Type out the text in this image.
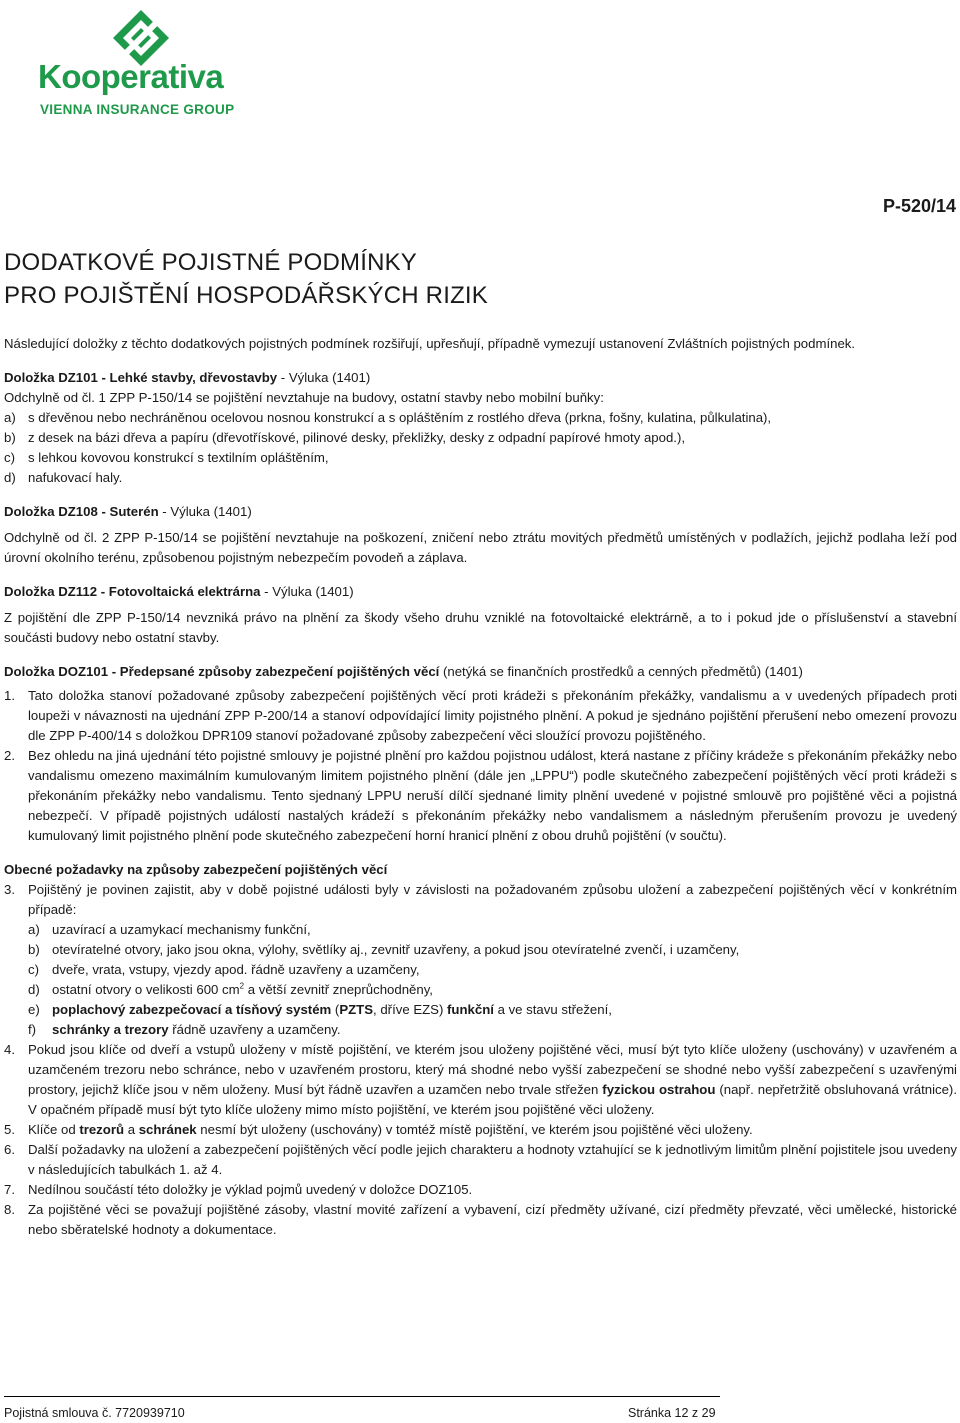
Kooperativa
VIENNA INSURANCE GROUP
P-520/14
DODATKOVÉ POJISTNÉ PODMÍNKY
PRO POJIŠTĚNÍ HOSPODÁŘSKÝCH RIZIK

Následující doložky z těchto dodatkových pojistných podmínek rozšiřují, upřesňují, případně vymezují ustanovení Zvláštních pojistných podmínek.

Doložka DZ101 - Lehké stavby, dřevostavby - Výluka (1401)

Odchylně od čl. 1 ZPP P-150/14 se pojištění nevztahuje na budovy, ostatní stavby nebo mobilní buňky:

a) s dřevěnou nebo nechráněnou ocelovou nosnou konstrukcí a s opláštěním z rostlého dřeva (prkna, fošny, kulatina, půlkulatina),
b) z desek na bázi dřeva a papíru (dřevotřískové, pilinové desky, překližky, desky z odpadní papírové hmoty apod.),
c) s lehkou kovovou konstrukcí s textilním opláštěním,
d) nafukovací haly.

Doložka DZ108 - Suterén - Výluka (1401)

Odchylně od čl. 2 ZPP P-150/14 se pojištění nevztahuje na poškození, zničení nebo ztrátu movitých předmětů umístěných v podlažích, jejichž podlaha leží pod úrovní okolního terénu, způsobenou pojistným nebezpečím povodeň a záplava.

Doložka DZ112 - Fotovoltaická elektrárna - Výluka (1401)

Z pojištění dle ZPP P-150/14 nevzniká právo na plnění za škody všeho druhu vzniklé na fotovoltaické elektrárně, a to i pokud jde o příslušenství a stavební součásti budovy nebo ostatní stavby.

Doložka DOZ101 - Předepsané způsoby zabezpečení pojištěných věcí (netýká se finančních prostředků a cenných předmětů) (1401)

1. Tato doložka stanoví požadované způsoby zabezpečení pojištěných věcí proti krádeži s překonáním překážky, vandalismu a v uvedených případech proti loupeži v návaznosti na ujednání ZPP P-200/14 a stanoví odpovídající limity pojistného plnění. A pokud je sjednáno pojištění přerušení nebo omezení provozu dle ZPP P-400/14 s doložkou DPR109 stanoví požadované způsoby zabezpečení věci sloužící provozu pojištěného.
2. Bez ohledu na jiná ujednání této pojistné smlouvy je pojistné plnění pro každou pojistnou událost, která nastane z příčiny krádeže s překonáním překážky nebo vandalismu omezeno maximálním kumulovaným limitem pojistného plnění (dále jen „LPPU“) podle skutečného zabezpečení pojištěných věcí proti krádeži s překonáním překážky nebo vandalismu. Tento sjednaný LPPU neruší dílčí sjednané limity plnění uvedené v pojistné smlouvě pro pojištěné věci a pojistná nebezpečí. V případě pojistných událostí nastalých krádeží s překonáním překážky nebo vandalismem a následným přerušením provozu je uvedený kumulovaný limit pojistného plnění pode skutečného zabezpečení horní hranicí plnění z obou druhů pojištění (v součtu).

Obecné požadavky na způsoby zabezpečení pojištěných věcí

3. Pojištěný je povinen zajistit, aby v době pojistné události byly v závislosti na požadovaném způsobu uložení a zabezpečení pojištěných věcí v konkrétním případě:
a) uzavírací a uzamykací mechanismy funkční,
b) otevíratelné otvory, jako jsou okna, výlohy, světlíky aj., zevnitř uzavřeny, a pokud jsou otevíratelné zvenčí, i uzamčeny,
c) dveře, vrata, vstupy, vjezdy apod. řádně uzavřeny a uzamčeny,
d) ostatní otvory o velikosti 600 $cm^2$ a větší zevnitř zneprůchodněny,
e) poplachový zabezpečovací a tísňový systém (PZTS, dříve EZS) funkční a ve stavu střežení,
f)	schránky a trezory řádně uzavřeny a uzamčeny.
4. Pokud jsou klíče od dveří a vstupů uloženy v místě pojištění, ve kterém jsou uloženy pojištěné věci, musí být tyto klíče uloženy (uschovány) v uzavřeném a uzamčeném trezoru nebo schránce, nebo v uzavřeném prostoru, který má shodné nebo vyšší zabezpečení se shodné nebo vyšší zabezpečení s uzavřenými prostory, jejichž klíče jsou v něm uloženy. Musí být řádně uzavřen a uzamčen nebo trvale střežen fyzickou ostrahou (např. nepřetržitě obsluhovaná vrátnice). V opačném případě musí být tyto klíče uloženy mimo místo pojištění, ve kterém jsou pojištěné věci uloženy.
5. Klíče od trezorů a schránek nesmí být uloženy (uschovány) v tomtéž místě pojištění, ve kterém jsou pojištěné věci uloženy.
6. Další požadavky na uložení a zabezpečení pojištěných věcí podle jejich charakteru a hodnoty vztahující se k jednotlivým limitům plnění pojistitele jsou uvedeny v následujících tabulkách 1. až 4.
7. Nedílnou součástí této doložky je výklad pojmů uvedený v doložce DOZ105.
8. Za pojištěné věci se považují pojištěné zásoby, vlastní movité zařízení a vybavení, cizí předměty užívané, cizí předměty převzaté, věci umělecké, historické nebo sběratelské hodnoty a dokumentace.
Pojistná smlouva č. 7720939710	Stránka 12 z 29
